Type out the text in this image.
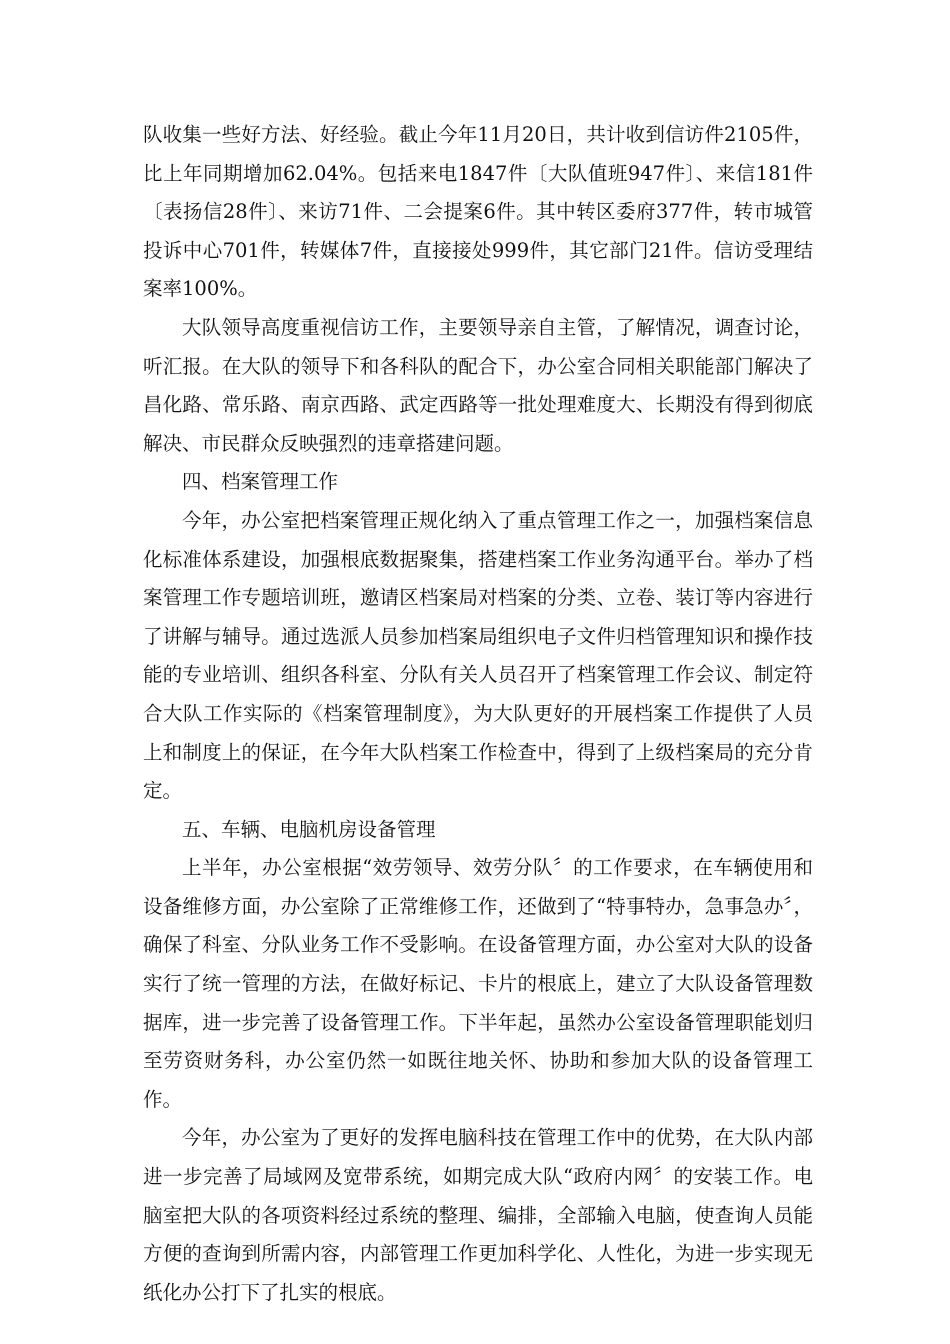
队收集一些好方法、好经验。截止今年11月20日，共计收到信访件2105件，比上年同期增加62.04%。包括来电1847件〔大队值班947件〕、来信181件〔表扬信28件〕、来访71件、二会提案6件。其中转区委府377件，转市城管投诉中心701件，转媒体7件，直接接处999件，其它部门21件。信访受理结案率100%。

大队领导高度重视信访工作，主要领导亲自主管，了解情况，调查讨论，听汇报。在大队的领导下和各科队的配合下，办公室合同相关职能部门解决了昌化路、常乐路、南京西路、武定西路等一批处理难度大、长期没有得到彻底解决、市民群众反映强烈的违章搭建问题。

四、档案管理工作

今年，办公室把档案管理正规化纳入了重点管理工作之一，加强档案信息化标准体系建设，加强根底数据聚集，搭建档案工作业务沟通平台。举办了档案管理工作专题培训班，邀请区档案局对档案的分类、立卷、装订等内容进行了讲解与辅导。通过选派人员参加档案局组织电子文件归档管理知识和操作技能的专业培训、组织各科室、分队有关人员召开了档案管理工作会议、制定符合大队工作实际的《档案管理制度》，为大队更好的开展档案工作提供了人员上和制度上的保证，在今年大队档案工作检查中，得到了上级档案局的充分肯定。

五、车辆、电脑机房设备管理

上半年，办公室根据“效劳领导、效劳分队〞的工作要求，在车辆使用和设备维修方面，办公室除了正常维修工作，还做到了“特事特办，急事急办〞，确保了科室、分队业务工作不受影响。在设备管理方面，办公室对大队的设备实行了统一管理的方法，在做好标记、卡片的根底上，建立了大队设备管理数据库，进一步完善了设备管理工作。下半年起，虽然办公室设备管理职能划归至劳资财务科，办公室仍然一如既往地关怀、协助和参加大队的设备管理工作。

今年，办公室为了更好的发挥电脑科技在管理工作中的优势，在大队内部进一步完善了局域网及宽带系统，如期完成大队“政府内网〞的安装工作。电脑室把大队的各项资料经过系统的整理、编排，全部输入电脑，使查询人员能方便的查询到所需内容，内部管理工作更加科学化、人性化，为进一步实现无纸化办公打下了扎实的根底。
